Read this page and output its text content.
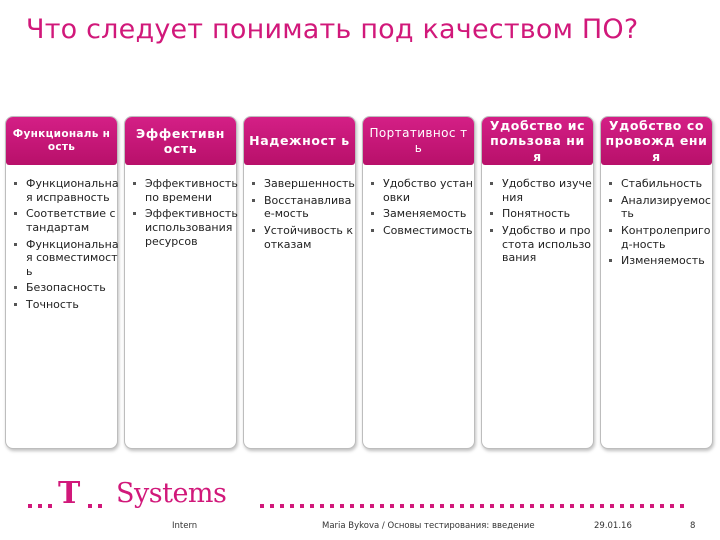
Что следует понимать под качеством ПО?
Функциональ ность
Функциональная исправность
Соответствие стандартам
Функциональная совместимость
Безопасность
Точность
Эффективн ость
Эффективность по времени
Эффективность использования ресурсов
Надежност ь
Завершенность
Восстанавливае-мость
Устойчивость к отказам
Портативнос ть
Удобство установки
Заменяемость
Совместимость
Удобство использова ния
Удобство изучения
Понятность
Удобство и простота использования
Удобство сопровожд ения
Стабильность
Анализируемость
Контролепригод-ность
Изменяемость
T Systems
Intern	Maria Bykova / Основы тестирования: введение	29.01.16	8
